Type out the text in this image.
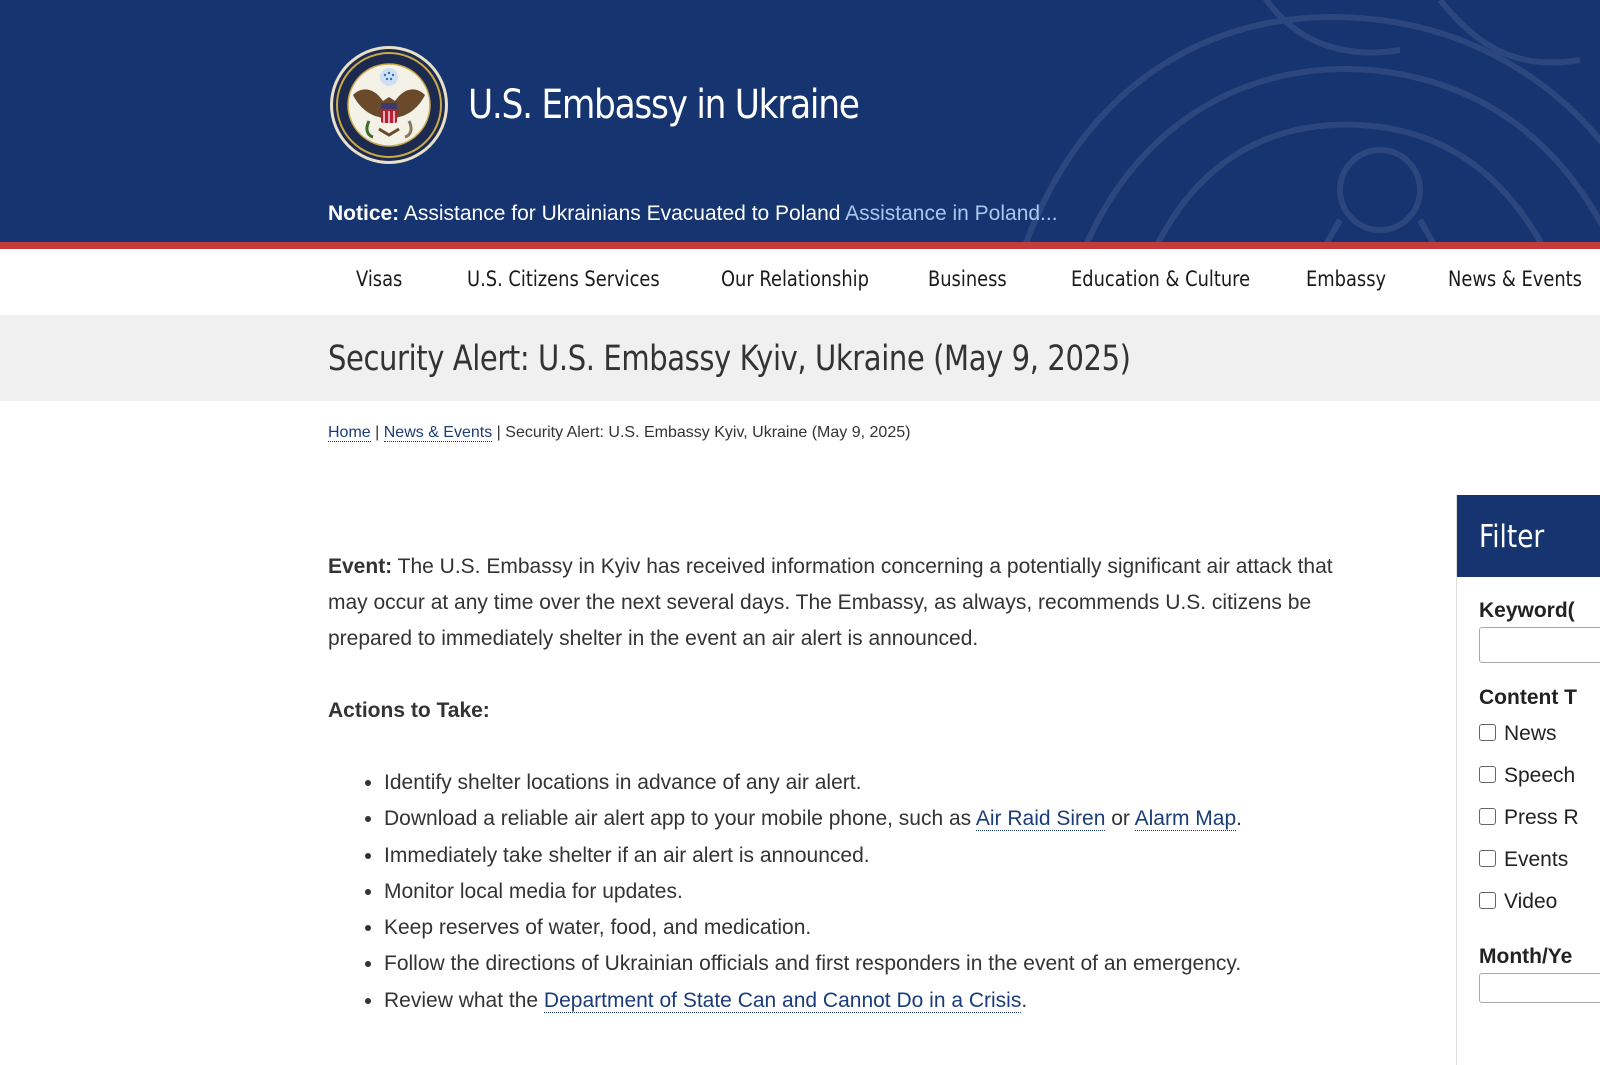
U.S. Embassy in Ukraine
Notice: Assistance for Ukrainians Evacuated to Poland Assistance in Poland...
Visas	U.S. Citizens Services	Our Relationship	Business	Education & Culture	Embassy	News & Events
Security Alert: U.S. Embassy Kyiv, Ukraine (May 9, 2025)
Home | News & Events | Security Alert: U.S. Embassy Kyiv, Ukraine (May 9, 2025)

Event: The U.S. Embassy in Kyiv has received information concerning a potentially significant air attack that may occur at any time over the next several days. The Embassy, as always, recommends U.S. citizens be prepared to immediately shelter in the event an air alert is announced.

Actions to Take:

• Identify shelter locations in advance of any air alert.
• Download a reliable air alert app to your mobile phone, such as Air Raid Siren or Alarm Map.
• Immediately take shelter if an air alert is announced.
• Monitor local media for updates.
• Keep reserves of water, food, and medication.
• Follow the directions of Ukrainian officials and first responders in the event of an emergency.
• Review what the Department of State Can and Cannot Do in a Crisis.
Filter
Keyword(
Content T
News
Speech
Press R
Events
Video
Month/Ye
